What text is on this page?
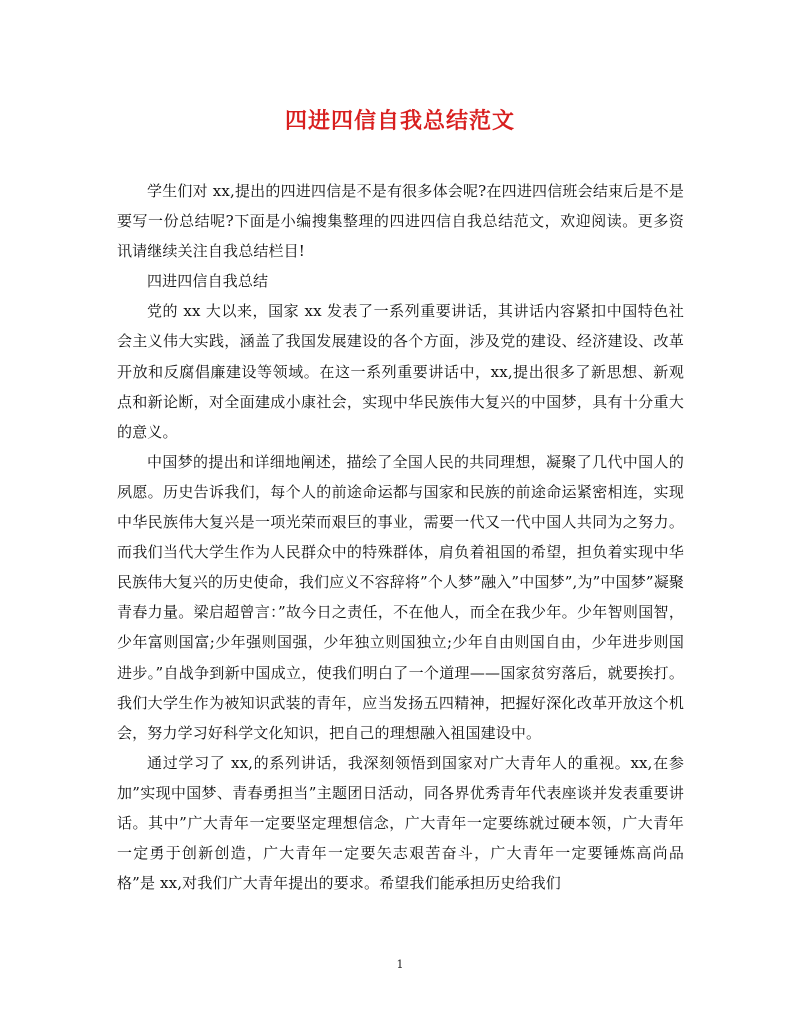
四进四信自我总结范文

学生们对 xx,提出的四进四信是不是有很多体会呢?在四进四信班会结束后是不是要写一份总结呢?下面是小编搜集整理的四进四信自我总结范文，欢迎阅读。更多资讯请继续关注自我总结栏目!

四进四信自我总结

党的 xx 大以来，国家 xx 发表了一系列重要讲话，其讲话内容紧扣中国特色社会主义伟大实践，涵盖了我国发展建设的各个方面，涉及党的建设、经济建设、改革开放和反腐倡廉建设等领域。在这一系列重要讲话中，xx,提出很多了新思想、新观点和新论断，对全面建成小康社会，实现中华民族伟大复兴的中国梦，具有十分重大的意义。

中国梦的提出和详细地阐述，描绘了全国人民的共同理想，凝聚了几代中国人的夙愿。历史告诉我们，每个人的前途命运都与国家和民族的前途命运紧密相连，实现中华民族伟大复兴是一项光荣而艰巨的事业，需要一代又一代中国人共同为之努力。而我们当代大学生作为人民群众中的特殊群体，肩负着祖国的希望，担负着实现中华民族伟大复兴的历史使命，我们应义不容辞将”个人梦”融入”中国梦”,为”中国梦”凝聚青春力量。梁启超曾言：”故今日之责任，不在他人，而全在我少年。少年智则国智，少年富则国富;少年强则国强，少年独立则国独立;少年自由则国自由，少年进步则国进步。”自战争到新中国成立，使我们明白了一个道理——国家贫穷落后，就要挨打。我们大学生作为被知识武装的青年，应当发扬五四精神，把握好深化改革开放这个机会，努力学习好科学文化知识，把自己的理想融入祖国建设中。

通过学习了 xx,的系列讲话，我深刻领悟到国家对广大青年人的重视。xx,在参加”实现中国梦、青春勇担当”主题团日活动，同各界优秀青年代表座谈并发表重要讲话。其中”广大青年一定要坚定理想信念，广大青年一定要练就过硬本领，广大青年一定勇于创新创造，广大青年一定要矢志艰苦奋斗，广大青年一定要锤炼高尚品格”是 xx,对我们广大青年提出的要求。希望我们能承担历史给我们

1
